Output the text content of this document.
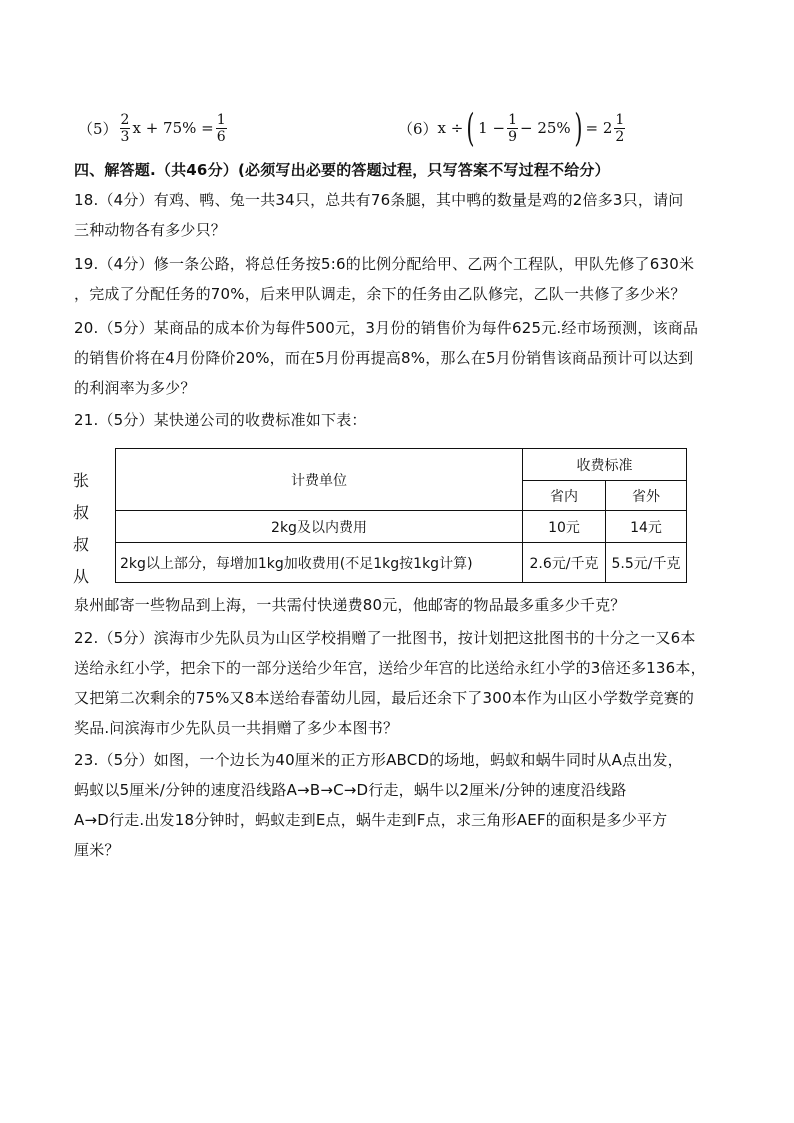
$(5) \frac{2}{3}$ $x + 75\% = \frac{1}{6}$	（6） x ÷ ( $1 - \frac{1}{9} - 25\%$ ) = $2 \frac{1}{2}$
四、解答题.（共46分）(必须写出必要的答题过程，只写答案不写过程不给分）
18.（4分）有鸡、鸭、兔一共34只，总共有76条腿，其中鸭的数量是鸡的2倍多3只，请问
三种动物各有多少只？
19.（4分）修一条公路，将总任务按5:6的比例分配给甲、乙两个工程队，甲队先修了630米
，完成了分配任务的70%，后来甲队调走，余下的任务由乙队修完，乙队一共修了多少米？
20.（5分）某商品的成本价为每件500元，3月份的销售价为每件625元.经市场预测，该商品
的销售价将在4月份降价20%，而在5月份再提高8%，那么在5月份销售该商品预计可以达到
的利润率为多少？
21.（5分）某快递公司的收费标准如下表：
张
叔
叔
从
计费单位	收费标准	
	省内	省外
2kg及以内费用	10元	14元
2kg以上部分，每增加1kg加收费用(不足1kg按1kg计算)	2.6元/千克	5.5元/千克
泉州邮寄一些物品到上海，一共需付快递费80元，他邮寄的物品最多重多少千克？
22.（5分）滨海市少先队员为山区学校捐赠了一批图书，按计划把这批图书的十分之一又6本
送给永红小学，把余下的一部分送给少年宫，送给少年宫的比送给永红小学的3倍还多136本，
又把第二次剩余的75%又8本送给春蕾幼儿园，最后还余下了300本作为山区小学数学竞赛的
奖品.问滨海市少先队员一共捐赠了多少本图书？
23.（5分）如图，一个边长为40厘米的正方形ABCD的场地，蚂蚁和蜗牛同时从A点出发，
蚂蚁以5厘米/分钟的速度沿线路A→B→C→D行走，蜗牛以2厘米/分钟的速度沿线路
A→D行走.出发18分钟时，蚂蚁走到E点，蜗牛走到F点，求三角形AEF的面积是多少平方
厘米？
